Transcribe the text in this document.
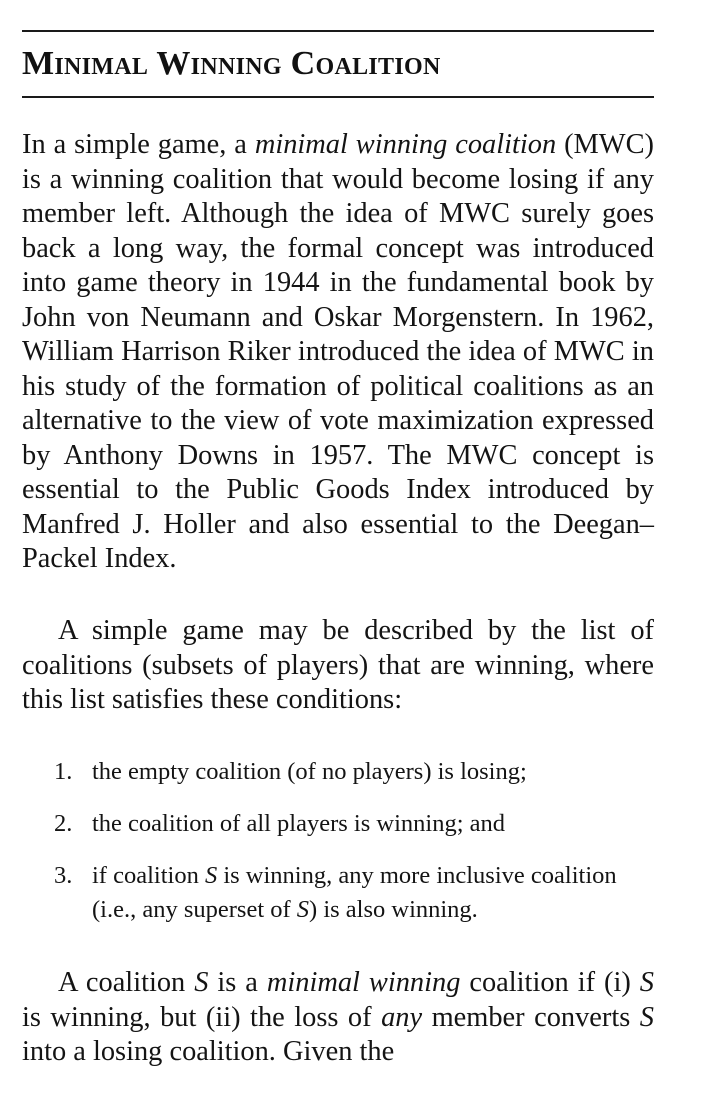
Minimal Winning Coalition

In a simple game, a minimal winning coalition (MWC) is a winning coalition that would become losing if any member left. Although the idea of MWC surely goes back a long way, the formal concept was introduced into game theory in 1944 in the fundamental book by John von Neumann and Oskar Morgenstern. In 1962, William Harrison Riker introduced the idea of MWC in his study of the formation of political coalitions as an alternative to the view of vote maximization expressed by Anthony Downs in 1957. The MWC concept is essential to the Public Goods Index introduced by Manfred J. Holler and also essential to the Deegan–Packel Index.

A simple game may be described by the list of coalitions (subsets of players) that are winning, where this list satisfies these conditions:

1. the empty coalition (of no players) is losing;
2. the coalition of all players is winning; and
3. if coalition S is winning, any more inclusive coalition (i.e., any superset of S) is also winning.

A coalition S is a minimal winning coalition if (i) S is winning, but (ii) the loss of any member converts S into a losing coalition. Given the
